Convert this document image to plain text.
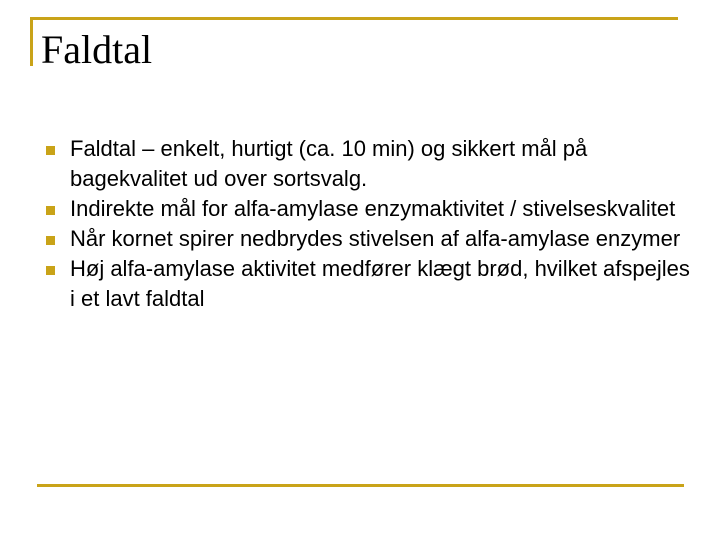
Faldtal
Faldtal – enkelt, hurtigt (ca. 10 min) og sikkert mål på bagekvalitet ud over sortsvalg.
Indirekte mål for alfa-amylase enzymaktivitet / stivelseskvalitet
Når kornet spirer nedbrydes stivelsen af alfa-amylase enzymer
Høj alfa-amylase aktivitet medfører klægt brød, hvilket afspejles i et lavt faldtal
